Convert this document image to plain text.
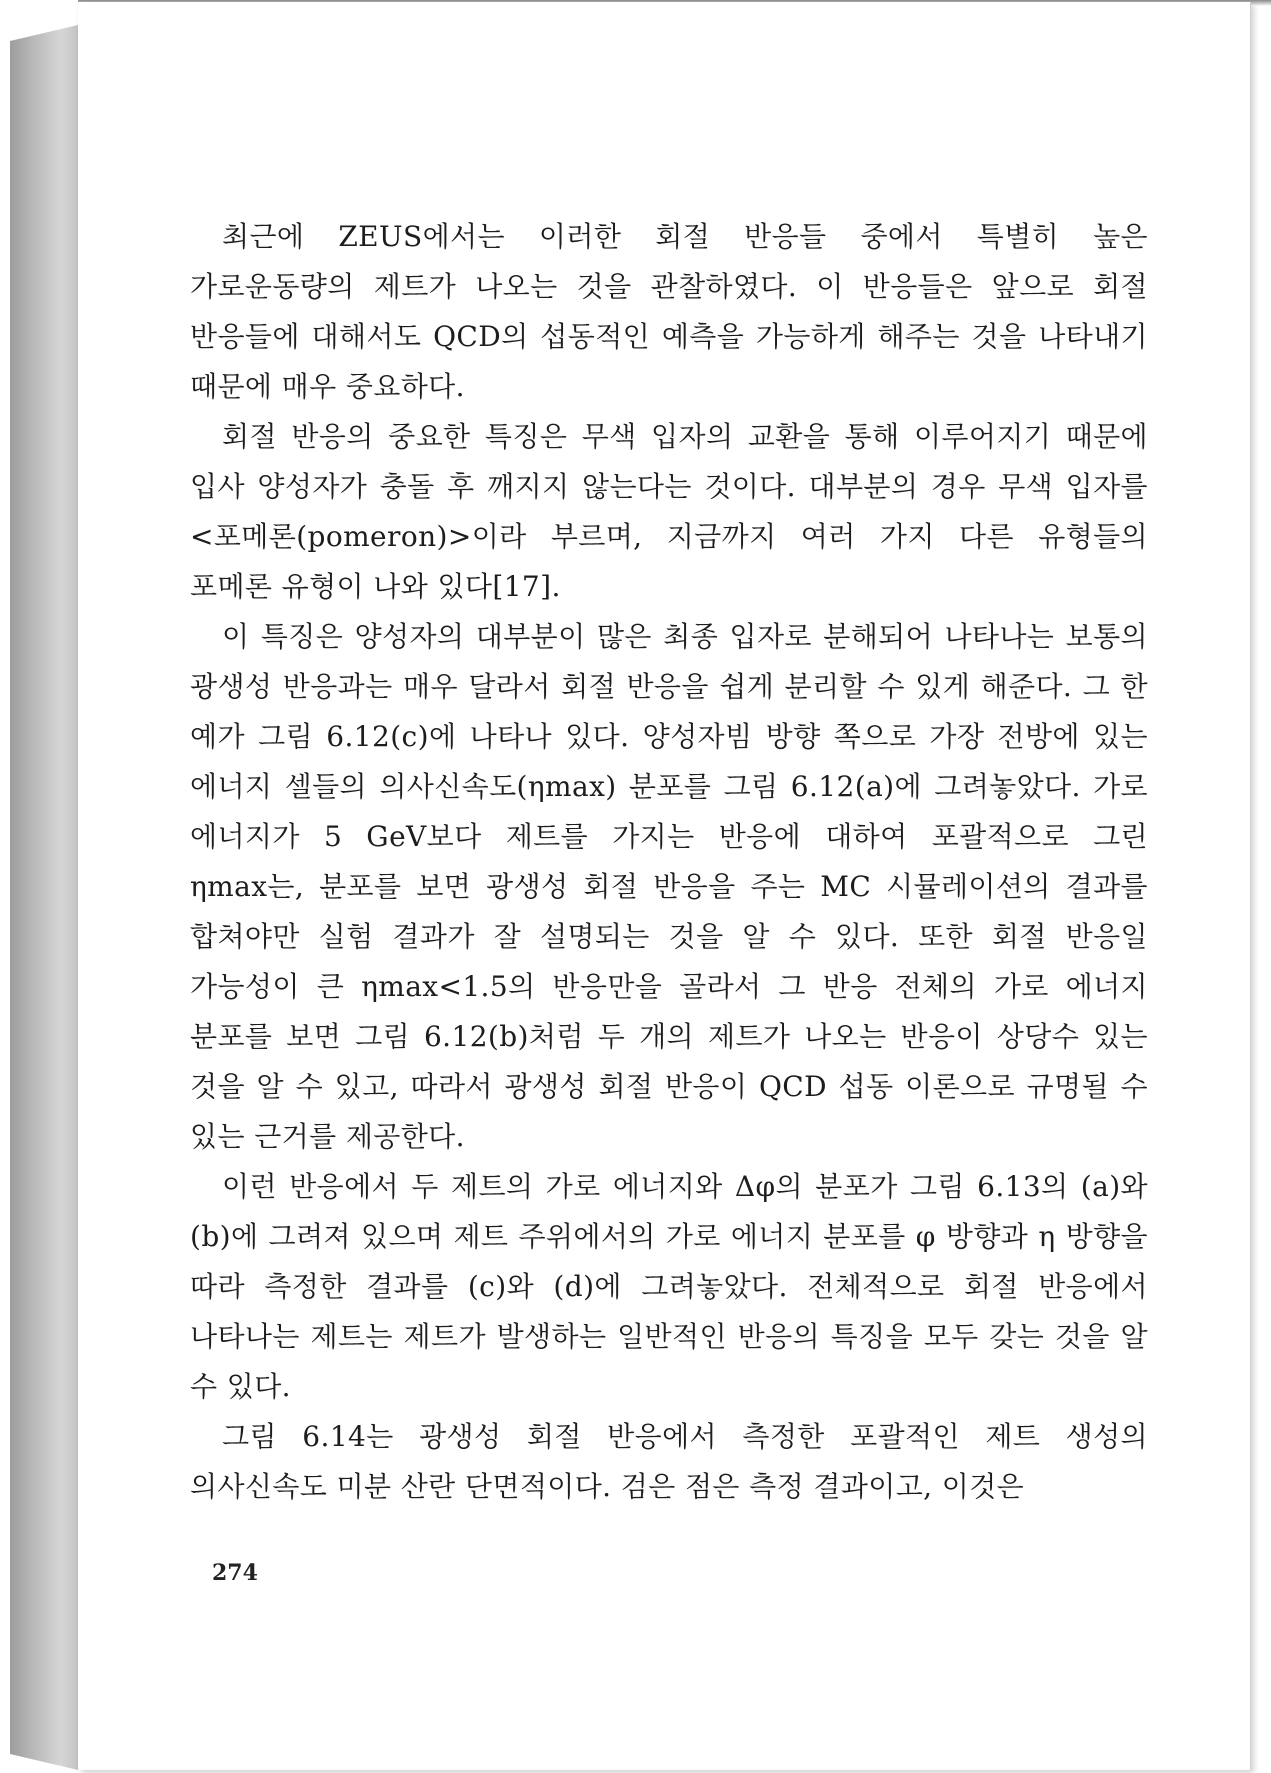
최근에 ZEUS에서는 이러한 회절 반응들 중에서 특별히 높은 가로운동량의 제트가 나오는 것을 관찰하였다. 이 반응들은 앞으로 회절 반응들에 대해서도 QCD의 섭동적인 예측을 가능하게 해주는 것을 나타내기 때문에 매우 중요하다.

회절 반응의 중요한 특징은 무색 입자의 교환을 통해 이루어지기 때문에 입사 양성자가 충돌 후 깨지지 않는다는 것이다. 대부분의 경우 무색 입자를 <포메론(pomeron)>이라 부르며, 지금까지 여러 가지 다른 유형들의 포메론 유형이 나와 있다[17].

이 특징은 양성자의 대부분이 많은 최종 입자로 분해되어 나타나는 보통의 광생성 반응과는 매우 달라서 회절 반응을 쉽게 분리할 수 있게 해준다. 그 한 예가 그림 6.12(c)에 나타나 있다. 양성자빔 방향 쪽으로 가장 전방에 있는 에너지 셀들의 의사신속도(ηmax) 분포를 그림 6.12(a)에 그려놓았다. 가로 에너지가 5 GeV보다 제트를 가지는 반응에 대하여 포괄적으로 그린 ηmax는, 분포를 보면 광생성 회절 반응을 주는 MC 시뮬레이션의 결과를 합쳐야만 실험 결과가 잘 설명되는 것을 알 수 있다. 또한 회절 반응일 가능성이 큰 ηmax<1.5의 반응만을 골라서 그 반응 전체의 가로 에너지 분포를 보면 그림 6.12(b)처럼 두 개의 제트가 나오는 반응이 상당수 있는 것을 알 수 있고, 따라서 광생성 회절 반응이 QCD 섭동 이론으로 규명될 수 있는 근거를 제공한다.

이런 반응에서 두 제트의 가로 에너지와 Δφ의 분포가 그림 6.13의 (a)와 (b)에 그려져 있으며 제트 주위에서의 가로 에너지 분포를 φ 방향과 η 방향을 따라 측정한 결과를 (c)와 (d)에 그려놓았다. 전체적으로 회절 반응에서 나타나는 제트는 제트가 발생하는 일반적인 반응의 특징을 모두 갖는 것을 알 수 있다.

그림 6.14는 광생성 회절 반응에서 측정한 포괄적인 제트 생성의 의사신속도 미분 산란 단면적이다. 검은 점은 측정 결과이고, 이것은

274
